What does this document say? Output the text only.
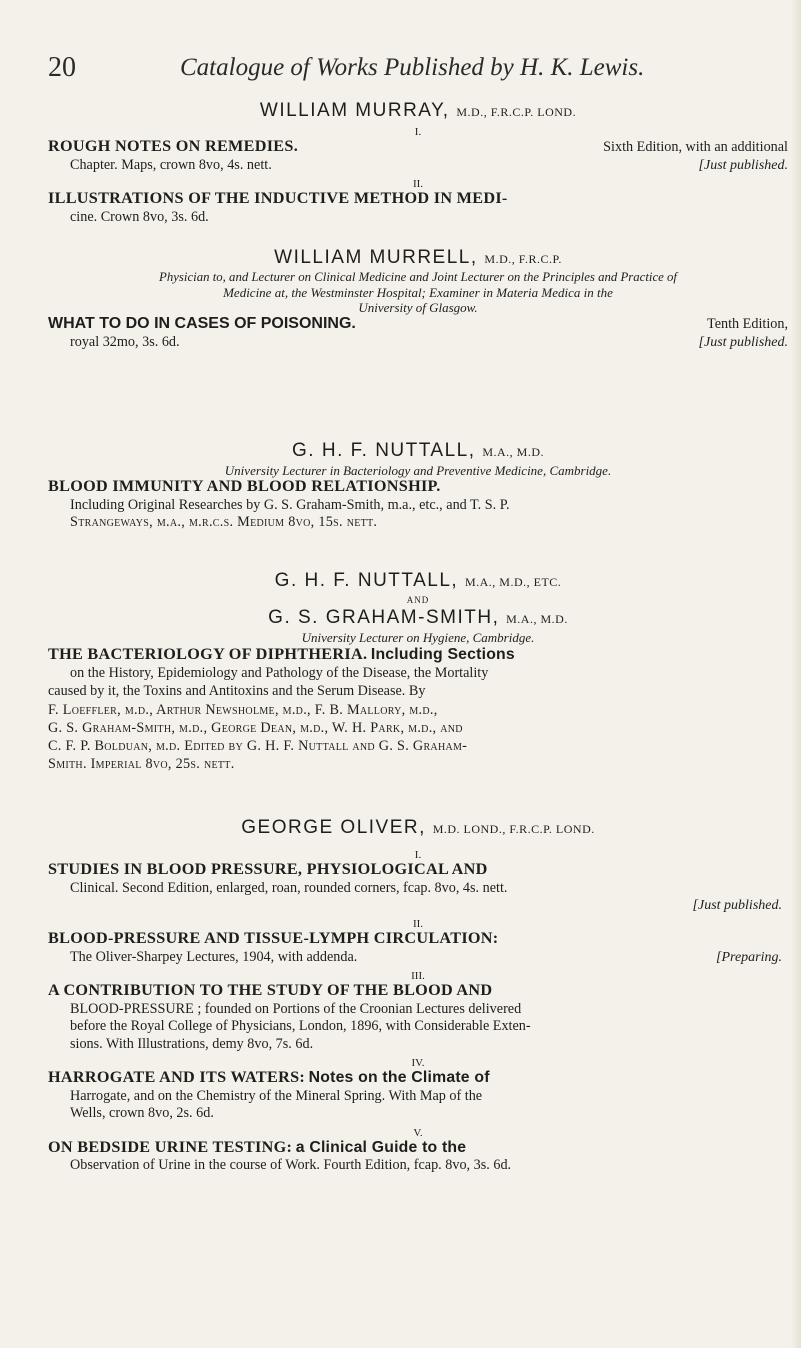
20	Catalogue of Works Published by H. K. Lewis.
WILLIAM MURRAY, M.D., F.R.C.P. LOND.
I.
ROUGH NOTES ON REMEDIES.	Sixth Edition, with an additional
Chapter. Maps, crown 8vo, 4s. nett.	[Just published.
II.

ILLUSTRATIONS OF THE INDUCTIVE METHOD IN MEDI-
cine. Crown 8vo, 3s. 6d.

WILLIAM MURRELL, M.D., F.R.C.P.
Physician to, and Lecturer on Clinical Medicine and Joint Lecturer on the Principles and Practice of
Medicine at, the Westminster Hospital; Examiner in Materia Medica in the
University of Glasgow.
WHAT TO DO IN CASES OF POISONING.	Tenth Edition,
royal 32mo, 3s. 6d.	[Just published.
G. H. F. NUTTALL, M.A., M.D.
University Lecturer in Bacteriology and Preventive Medicine, Cambridge.

BLOOD IMMUNITY AND BLOOD RELATIONSHIP.
Including Original Researches by G. S. Graham-Smith, m.a., etc., and T. S. P.
Strangeways, m.a., m.r.c.s. Medium 8vo, 15s. nett.

G. H. F. NUTTALL, M.A., M.D., ETC.
AND
G. S. GRAHAM-SMITH, M.A., M.D.
University Lecturer on Hygiene, Cambridge.

THE BACTERIOLOGY OF DIPHTHERIA. Including Sections
on the History, Epidemiology and Pathology of the Disease, the Mortality
caused by it, the Toxins and Antitoxins and the Serum Disease. By
F. Loeffler, m.d., Arthur Newsholme, m.d., F. B. Mallory, m.d.,
G. S. Graham-Smith, m.d., George Dean, m.d., W. H. Park, m.d., and
C. F. P. Bolduan, m.d. Edited by G. H. F. Nuttall and G. S. Graham-
Smith. Imperial 8vo, 25s. nett.

GEORGE OLIVER, M.D. LOND., F.R.C.P. LOND.
I.

STUDIES IN BLOOD PRESSURE, PHYSIOLOGICAL AND
Clinical. Second Edition, enlarged, roan, rounded corners, fcap. 8vo, 4s. nett.

[Just published.
II.

BLOOD-PRESSURE AND TISSUE-LYMPH CIRCULATION:

The Oliver-Sharpey Lectures, 1904, with addenda.	[Preparing.
III.

A CONTRIBUTION TO THE STUDY OF THE BLOOD AND
BLOOD-PRESSURE ; founded on Portions of the Croonian Lectures delivered
before the Royal College of Physicians, London, 1896, with Considerable Exten-
sions. With Illustrations, demy 8vo, 7s. 6d.

IV.

HARROGATE AND ITS WATERS: Notes on the Climate of
Harrogate, and on the Chemistry of the Mineral Spring. With Map of the
Wells, crown 8vo, 2s. 6d.

V.

ON BEDSIDE URINE TESTING: a Clinical Guide to the
Observation of Urine in the course of Work. Fourth Edition, fcap. 8vo, 3s. 6d.
